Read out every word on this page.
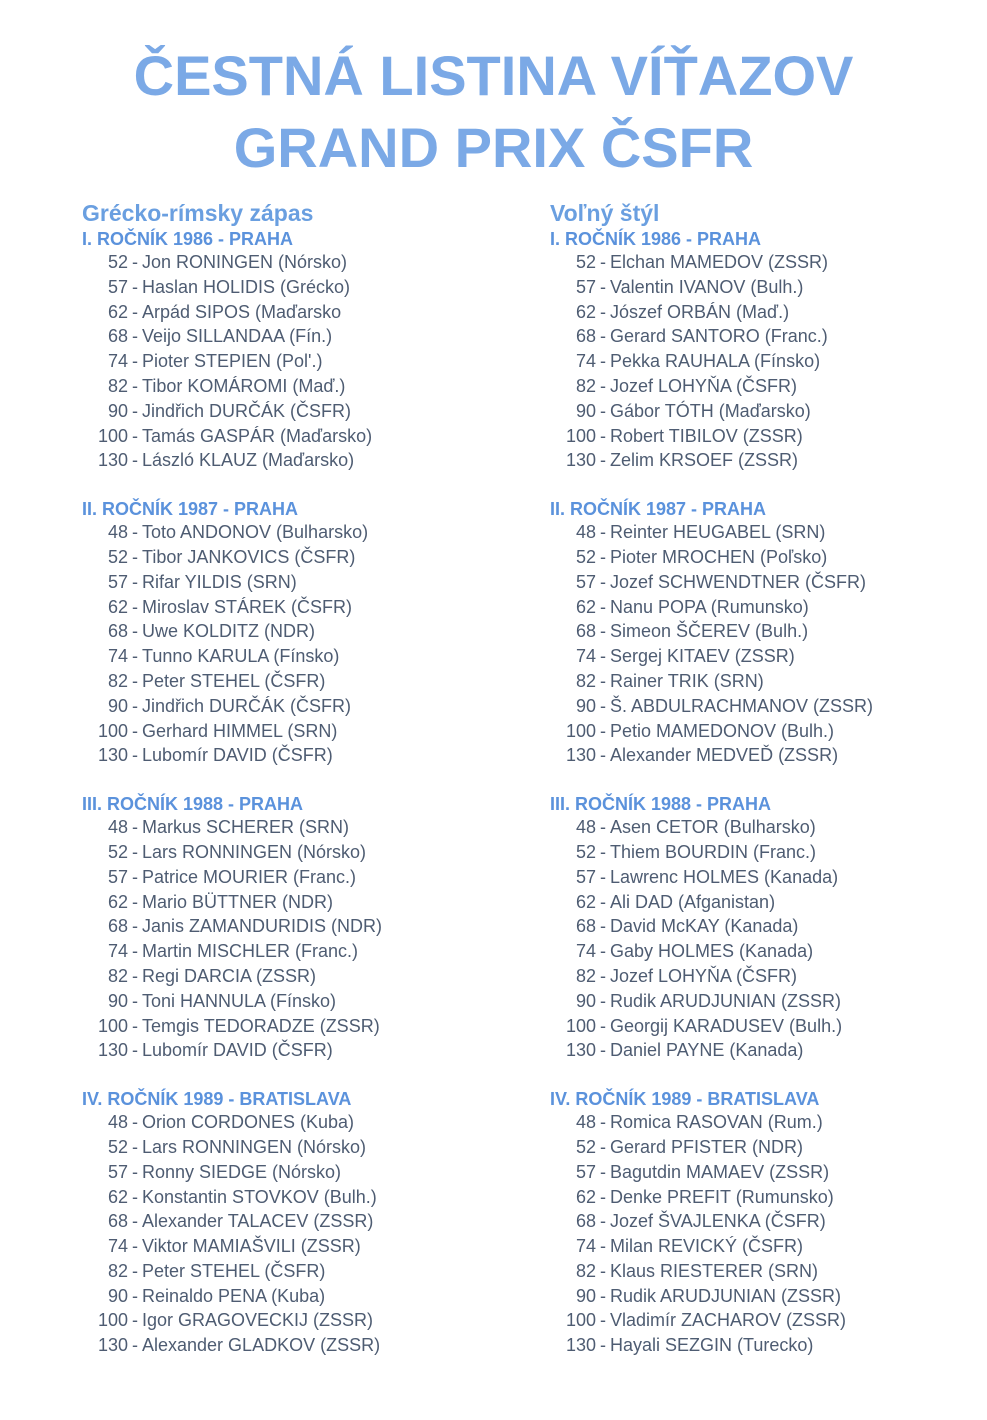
ČESTNÁ LISTINA VÍŤAZOV
GRAND PRIX ČSFR
Grécko-rímsky zápas
I. ROČNÍK 1986 - PRAHA
52 - Jon RONINGEN (Nórsko)
57 - Haslan HOLIDIS (Grécko)
62 - Arpád SIPOS (Maďarsko
68 - Veijo SILLANDAA (Fín.)
74 - Pioter STEPIEN (Pol'.)
82 - Tibor KOMÁROMI (Maď.)
90 - Jindřich DURČÁK (ČSFR)
100 - Tamás GASPÁR (Maďarsko)
130 - László KLAUZ (Maďarsko)
II. ROČNÍK 1987 - PRAHA
48 - Toto ANDONOV (Bulharsko)
52 - Tibor JANKOVICS (ČSFR)
57 - Rifar YILDIS (SRN)
62 - Miroslav STÁREK (ČSFR)
68 - Uwe KOLDITZ (NDR)
74 - Tunno KARULA (Fínsko)
82 - Peter STEHEL (ČSFR)
90 - Jindřich DURČÁK (ČSFR)
100 - Gerhard HIMMEL (SRN)
130 - Lubomír DAVID (ČSFR)
III. ROČNÍK 1988 - PRAHA
48 - Markus SCHERER (SRN)
52 - Lars RONNINGEN (Nórsko)
57 - Patrice MOURIER (Franc.)
62 - Mario BÜTTNER (NDR)
68 - Janis ZAMANDURIDIS (NDR)
74 - Martin MISCHLER (Franc.)
82 - Regi DARCIA (ZSSR)
90 - Toni HANNULA (Fínsko)
100 - Temgis TEDORADZE (ZSSR)
130 - Lubomír DAVID (ČSFR)
IV. ROČNÍK 1989 - BRATISLAVA
48 - Orion CORDONES (Kuba)
52 - Lars RONNINGEN (Nórsko)
57 - Ronny SIEDGE (Nórsko)
62 - Konstantin STOVKOV (Bulh.)
68 - Alexander TALACEV (ZSSR)
74 - Viktor MAMIAŠVILI (ZSSR)
82 - Peter STEHEL (ČSFR)
90 - Reinaldo PENA (Kuba)
100 - Igor GRAGOVECKIJ (ZSSR)
130 - Alexander GLADKOV (ZSSR)
Voľný štýl
I. ROČNÍK 1986 - PRAHA
52 - Elchan MAMEDOV (ZSSR)
57 - Valentin IVANOV (Bulh.)
62 - Jószef ORBÁN (Maď.)
68 - Gerard SANTORO (Franc.)
74 - Pekka RAUHALA (Fínsko)
82 - Jozef LOHYŇA (ČSFR)
90 - Gábor TÓTH (Maďarsko)
100 - Robert TIBILOV (ZSSR)
130 - Zelim KRSOEF (ZSSR)
II. ROČNÍK 1987 - PRAHA
48 - Reinter HEUGABEL (SRN)
52 - Pioter MROCHEN (Poľsko)
57 - Jozef SCHWENDTNER (ČSFR)
62 - Nanu POPA (Rumunsko)
68 - Simeon ŠČEREV (Bulh.)
74 - Sergej KITAEV (ZSSR)
82 - Rainer TRIK (SRN)
90 - Š. ABDULRACHMANOV (ZSSR)
100 - Petio MAMEDONOV (Bulh.)
130 - Alexander MEDVEĎ (ZSSR)
III. ROČNÍK 1988 - PRAHA
48 - Asen CETOR (Bulharsko)
52 - Thiem BOURDIN (Franc.)
57 - Lawrenc HOLMES (Kanada)
62 - Ali DAD (Afganistan)
68 - David McKAY (Kanada)
74 - Gaby HOLMES (Kanada)
82 - Jozef LOHYŇA (ČSFR)
90 - Rudik ARUDJUNIAN (ZSSR)
100 - Georgij KARADUSEV (Bulh.)
130 - Daniel PAYNE (Kanada)
IV. ROČNÍK 1989 - BRATISLAVA
48 - Romica RASOVAN (Rum.)
52 - Gerard PFISTER (NDR)
57 - Bagutdin MAMAEV (ZSSR)
62 - Denke PREFIT (Rumunsko)
68 - Jozef ŠVAJLENKA (ČSFR)
74 - Milan REVICKÝ (ČSFR)
82 - Klaus RIESTERER (SRN)
90 - Rudik ARUDJUNIAN (ZSSR)
100 - Vladimír ZACHAROV (ZSSR)
130 - Hayali SEZGIN (Turecko)
